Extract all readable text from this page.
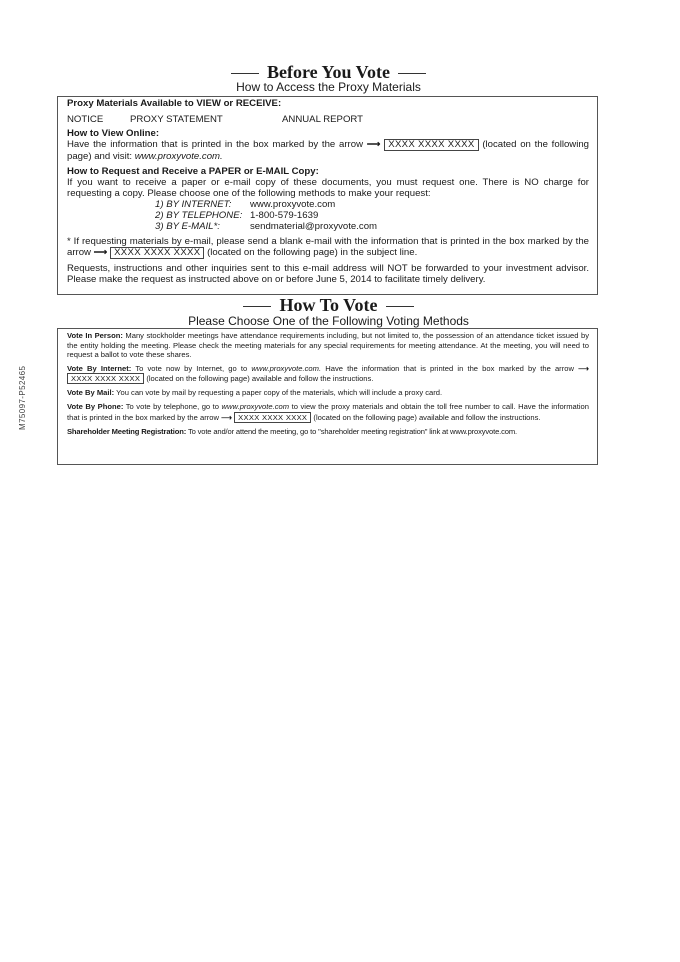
Before You Vote
How to Access the Proxy Materials

Proxy Materials Available to VIEW or RECEIVE:

NOTICE	PROXY STATEMENT	ANNUAL REPORT

How to View Online:

Have the information that is printed in the box marked by the arrow ⟶ XXXX XXXX XXXX (located on the following page) and visit: www.proxyvote.com.

How to Request and Receive a PAPER or E-MAIL Copy:

If you want to receive a paper or e-mail copy of these documents, you must request one. There is NO charge for requesting a copy. Please choose one of the following methods to make your request:

1) BY INTERNET:	www.proxyvote.com
2) BY TELEPHONE: 1-800-579-1639
3) BY E-MAIL*:	sendmaterial@proxyvote.com

* If requesting materials by e-mail, please send a blank e-mail with the information that is printed in the box marked by the arrow ⟶ XXXX XXXX XXXX (located on the following page) in the subject line.

Requests, instructions and other inquiries sent to this e-mail address will NOT be forwarded to your investment advisor. Please make the request as instructed above on or before June 5, 2014 to facilitate timely delivery.

How To Vote
Please Choose One of the Following Voting Methods

Vote In Person: Many stockholder meetings have attendance requirements including, but not limited to, the possession of an attendance ticket issued by the entity holding the meeting. Please check the meeting materials for any special requirements for meeting attendance. At the meeting, you will need to request a ballot to vote these shares.

Vote By Internet: To vote now by Internet, go to www.proxyvote.com. Have the information that is printed in the box marked by the arrow ⟶ XXXX XXXX XXXX (located on the following page) available and follow the instructions.

Vote By Mail: You can vote by mail by requesting a paper copy of the materials, which will include a proxy card.

Vote By Phone: To vote by telephone, go to www.proxyvote.com to view the proxy materials and obtain the toll free number to call. Have the information that is printed in the box marked by the arrow ⟶ XXXX XXXX XXXX (located on the following page) available and follow the instructions.

Shareholder Meeting Registration: To vote and/or attend the meeting, go to "shareholder meeting registration" link at www.proxyvote.com.

M75097-P52465
